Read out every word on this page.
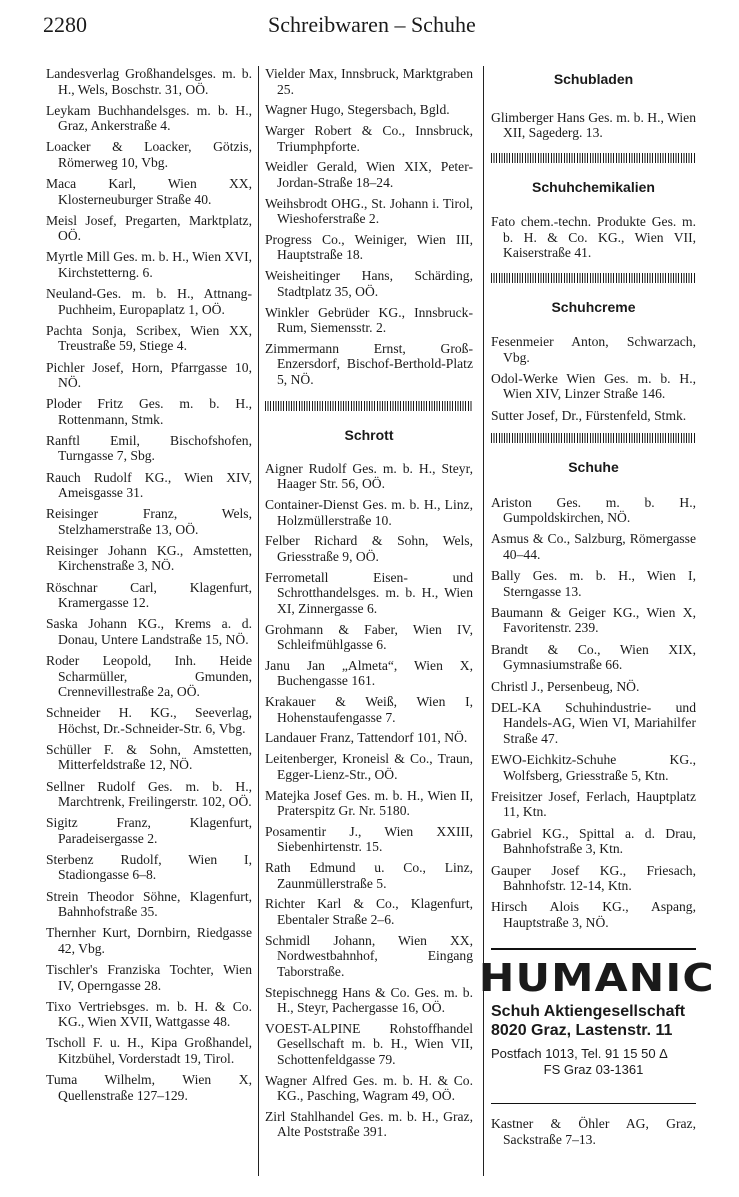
2280	Schreibwaren – Schuhe
Landesverlag Großhandelsges. m. b. H., Wels, Boschstr. 31, OÖ.
Leykam Buchhandelsges. m. b. H., Graz, Ankerstraße 4.
Loacker & Loacker, Götzis, Römerweg 10, Vbg.
Maca Karl, Wien XX, Klosterneuburger Straße 40.
Meisl Josef, Pregarten, Marktplatz, OÖ.
Myrtle Mill Ges. m. b. H., Wien XVI, Kirchstetterng. 6.
Neuland-Ges. m. b. H., Attnang-Puchheim, Europaplatz 1, OÖ.
Pachta Sonja, Scribex, Wien XX, Treustraße 59, Stiege 4.
Pichler Josef, Horn, Pfarrgasse 10, NÖ.
Ploder Fritz Ges. m. b. H., Rottenmann, Stmk.
Ranftl Emil, Bischofshofen, Turngasse 7, Sbg.
Rauch Rudolf KG., Wien XIV, Ameisgasse 31.
Reisinger Franz, Wels, Stelzhamerstraße 13, OÖ.
Reisinger Johann KG., Amstetten, Kirchenstraße 3, NÖ.
Röschnar Carl, Klagenfurt, Kramergasse 12.
Saska Johann KG., Krems a. d. Donau, Untere Landstraße 15, NÖ.
Roder Leopold, Inh. Heide Scharmüller, Gmunden, Crennevillestraße 2a, OÖ.
Schneider H. KG., Seeverlag, Höchst, Dr.-Schneider-Str. 6, Vbg.
Schüller F. & Sohn, Amstetten, Mitterfeldstraße 12, NÖ.
Sellner Rudolf Ges. m. b. H., Marchtrenk, Freilingerstr. 102, OÖ.
Sigitz Franz, Klagenfurt, Paradeisergasse 2.
Sterbenz Rudolf, Wien I, Stadiongasse 6–8.
Strein Theodor Söhne, Klagenfurt, Bahnhofstraße 35.
Thernher Kurt, Dornbirn, Riedgasse 42, Vbg.
Tischler's Franziska Tochter, Wien IV, Operngasse 28.
Tixo Vertriebsges. m. b. H. & Co. KG., Wien XVII, Wattgasse 48.
Tscholl F. u. H., Kipa Großhandel, Kitzbühel, Vorderstadt 19, Tirol.
Tuma Wilhelm, Wien X, Quellenstraße 127–129.
Vielder Max, Innsbruck, Marktgraben 25.
Wagner Hugo, Stegersbach, Bgld.
Warger Robert & Co., Innsbruck, Triumphpforte.
Weidler Gerald, Wien XIX, Peter-Jordan-Straße 18–24.
Weihsbrodt OHG., St. Johann i. Tirol, Wieshoferstraße 2.
Progress Co., Weiniger, Wien III, Hauptstraße 18.
Weisheitinger Hans, Schärding, Stadtplatz 35, OÖ.
Winkler Gebrüder KG., Innsbruck-Rum, Siemensstr. 2.
Zimmermann Ernst, Groß-Enzersdorf, Bischof-Berthold-Platz 5, NÖ.
Schrott
Aigner Rudolf Ges. m. b. H., Steyr, Haager Str. 56, OÖ.
Container-Dienst Ges. m. b. H., Linz, Holzmüllerstraße 10.
Felber Richard & Sohn, Wels, Griesstraße 9, OÖ.
Ferrometall Eisen- und Schrotthandelsges. m. b. H., Wien XI, Zinnergasse 6.
Grohmann & Faber, Wien IV, Schleifmühlgasse 6.
Janu Jan „Almeta“, Wien X, Buchengasse 161.
Krakauer & Weiß, Wien I, Hohenstaufengasse 7.
Landauer Franz, Tattendorf 101, NÖ.
Leitenberger, Kroneisl & Co., Traun, Egger-Lienz-Str., OÖ.
Matejka Josef Ges. m. b. H., Wien II, Praterspitz Gr. Nr. 5180.
Posamentir J., Wien XXIII, Siebenhirtenstr. 15.
Rath Edmund u. Co., Linz, Zaunmüllerstraße 5.
Richter Karl & Co., Klagenfurt, Ebentaler Straße 2–6.
Schmidl Johann, Wien XX, Nordwestbahnhof, Eingang Taborstraße.
Stepischnegg Hans & Co. Ges. m. b. H., Steyr, Pachergasse 16, OÖ.
VOEST-ALPINE Rohstoffhandel Gesellschaft m. b. H., Wien VII, Schottenfeldgasse 79.
Wagner Alfred Ges. m. b. H. & Co. KG., Pasching, Wagram 49, OÖ.
Zirl Stahlhandel Ges. m. b. H., Graz, Alte Poststraße 391.
Schubladen
Glimberger Hans Ges. m. b. H., Wien XII, Sagederg. 13.
Schuhchemikalien
Fato chem.-techn. Produkte Ges. m. b. H. & Co. KG., Wien VII, Kaiserstraße 41.
Schuhcreme
Fesenmeier Anton, Schwarzach, Vbg.
Odol-Werke Wien Ges. m. b. H., Wien XIV, Linzer Straße 146.
Sutter Josef, Dr., Fürstenfeld, Stmk.
Schuhe
Ariston Ges. m. b. H., Gumpoldskirchen, NÖ.
Asmus & Co., Salzburg, Römergasse 40–44.
Bally Ges. m. b. H., Wien I, Sterngasse 13.
Baumann & Geiger KG., Wien X, Favoritenstr. 239.
Brandt & Co., Wien XIX, Gymnasiumstraße 66.
Christl J., Persenbeug, NÖ.
DEL-KA Schuhindustrie- und Handels-AG, Wien VI, Mariahilfer Straße 47.
EWO-Eichkitz-Schuhe KG., Wolfsberg, Griesstraße 5, Ktn.
Freisitzer Josef, Ferlach, Hauptplatz 11, Ktn.
Gabriel KG., Spittal a. d. Drau, Bahnhofstraße 3, Ktn.
Gauper Josef KG., Friesach, Bahnhofstr. 12-14, Ktn.
Hirsch Alois KG., Aspang, Hauptstraße 3, NÖ.
HUMANIC
Schuh Aktiengesellschaft
8020 Graz, Lastenstr. 11
Postfach 1013, Tel. 91 15 50 Δ
FS Graz 03-1361
Kastner & Öhler AG, Graz, Sackstraße 7–13.
